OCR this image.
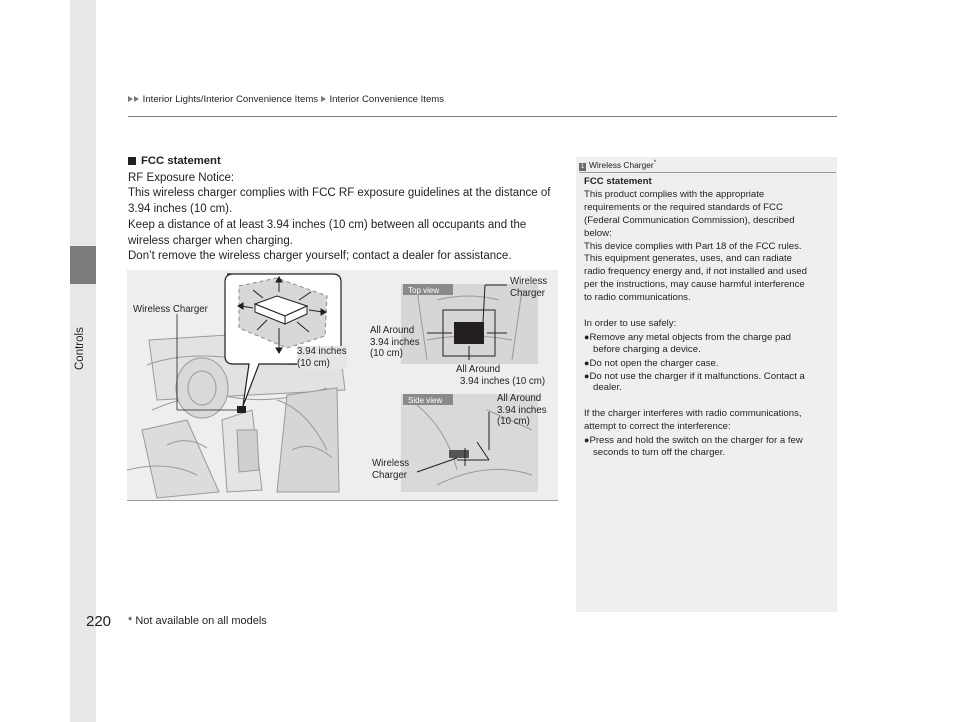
Controls
Interior Lights/Interior Convenience Items Interior Convenience Items
FCC statement
RF Exposure Notice:
This wireless charger complies with FCC RF exposure guidelines at the distance of
3.94 inches (10 cm).
Keep a distance of at least 3.94 inches (10 cm) between all occupants and the
wireless charger when charging.
Don’t remove the wireless charger yourself; contact a dealer for assistance.
Wireless Charger
3.94 inches
(10 cm)
Top view
Side view
Wireless
Charger
All Around
3.94 inches
(10 cm)
All Around
3.94 inches (10 cm)
All Around
3.94 inches
(10 cm)
Wireless
Charger
1 Wireless Charger*
FCC statement
This product complies with the appropriate
requirements or the required standards of FCC
(Federal Communication Commission), described
below:
This device complies with Part 18 of the FCC rules.
This equipment generates, uses, and can radiate
radio frequency energy and, if not installed and used
per the instructions, may cause harmful interference
to radio communications.
In order to use safely:
●Remove any metal objects from the charge pad
before charging a device.
●Do not open the charger case.
●Do not use the charger if it malfunctions. Contact a
dealer.
If the charger interferes with radio communications,
attempt to correct the interference:
●Press and hold the switch on the charger for a few
seconds to turn off the charger.
220 * Not available on all models
